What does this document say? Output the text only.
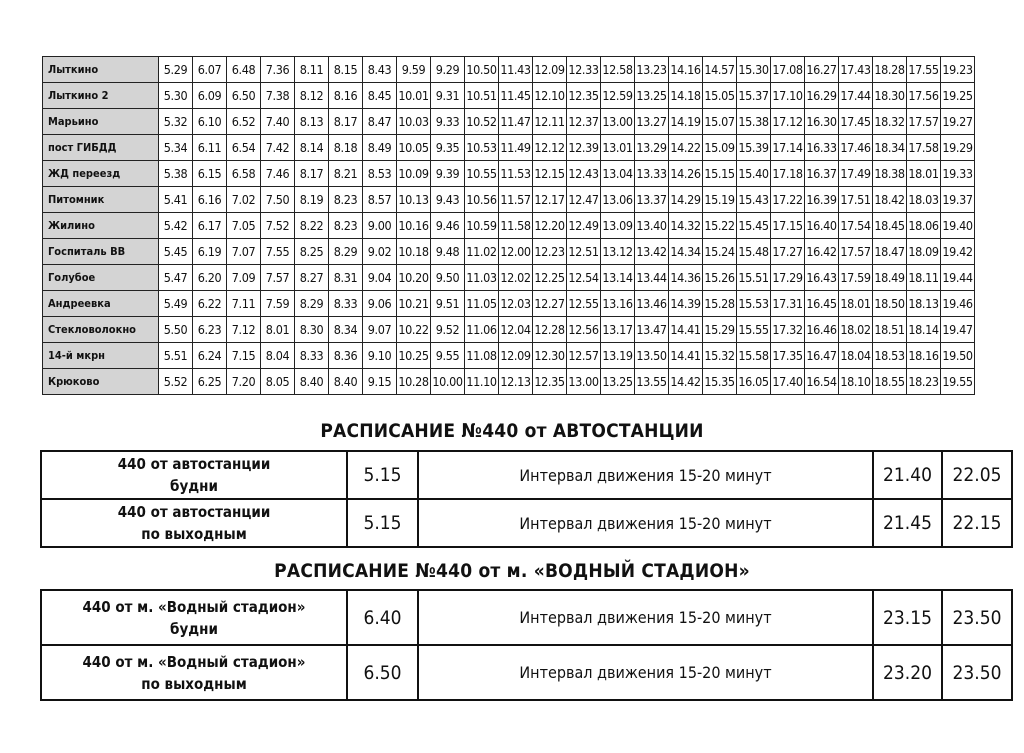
Лыткино	5.29	6.07	6.48	7.36	8.11	8.15	8.43	9.59	9.29	10.50	11.43	12.09	12.33	12.58	13.23	14.16	14.57	15.30	17.08	16.27	17.43	18.28	17.55	19.23
Лыткино 2	5.30	6.09	6.50	7.38	8.12	8.16	8.45	10.01	9.31	10.51	11.45	12.10	12.35	12.59	13.25	14.18	15.05	15.37	17.10	16.29	17.44	18.30	17.56	19.25
Марьино	5.32	6.10	6.52	7.40	8.13	8.17	8.47	10.03	9.33	10.52	11.47	12.11	12.37	13.00	13.27	14.19	15.07	15.38	17.12	16.30	17.45	18.32	17.57	19.27
пост ГИБДД	5.34	6.11	6.54	7.42	8.14	8.18	8.49	10.05	9.35	10.53	11.49	12.12	12.39	13.01	13.29	14.22	15.09	15.39	17.14	16.33	17.46	18.34	17.58	19.29
ЖД переезд	5.38	6.15	6.58	7.46	8.17	8.21	8.53	10.09	9.39	10.55	11.53	12.15	12.43	13.04	13.33	14.26	15.15	15.40	17.18	16.37	17.49	18.38	18.01	19.33
Питомник	5.41	6.16	7.02	7.50	8.19	8.23	8.57	10.13	9.43	10.56	11.57	12.17	12.47	13.06	13.37	14.29	15.19	15.43	17.22	16.39	17.51	18.42	18.03	19.37
Жилино	5.42	6.17	7.05	7.52	8.22	8.23	9.00	10.16	9.46	10.59	11.58	12.20	12.49	13.09	13.40	14.32	15.22	15.45	17.15	16.40	17.54	18.45	18.06	19.40
Госпиталь ВВ	5.45	6.19	7.07	7.55	8.25	8.29	9.02	10.18	9.48	11.02	12.00	12.23	12.51	13.12	13.42	14.34	15.24	15.48	17.27	16.42	17.57	18.47	18.09	19.42
Голубое	5.47	6.20	7.09	7.57	8.27	8.31	9.04	10.20	9.50	11.03	12.02	12.25	12.54	13.14	13.44	14.36	15.26	15.51	17.29	16.43	17.59	18.49	18.11	19.44
Андреевка	5.49	6.22	7.11	7.59	8.29	8.33	9.06	10.21	9.51	11.05	12.03	12.27	12.55	13.16	13.46	14.39	15.28	15.53	17.31	16.45	18.01	18.50	18.13	19.46
Стекловолокно	5.50	6.23	7.12	8.01	8.30	8.34	9.07	10.22	9.52	11.06	12.04	12.28	12.56	13.17	13.47	14.41	15.29	15.55	17.32	16.46	18.02	18.51	18.14	19.47
14-й мкрн	5.51	6.24	7.15	8.04	8.33	8.36	9.10	10.25	9.55	11.08	12.09	12.30	12.57	13.19	13.50	14.41	15.32	15.58	17.35	16.47	18.04	18.53	18.16	19.50
Крюково	5.52	6.25	7.20	8.05	8.40	8.40	9.15	10.28	10.00	11.10	12.13	12.35	13.00	13.25	13.55	14.42	15.35	16.05	17.40	16.54	18.10	18.55	18.23	19.55
РАСПИСАНИЕ №440 от АВТОСТАНЦИИ
440 от автостанции
будни	5.15	Интервал движения 15-20 минут	21.40	22.05
440 от автостанции
по выходным	5.15	Интервал движения 15-20 минут	21.45	22.15
РАСПИСАНИЕ №440 от м. «ВОДНЫЙ СТАДИОН»
440 от м. «Водный стадион»
будни	6.40	Интервал движения 15-20 минут	23.15	23.50
440 от м. «Водный стадион»
по выходным	6.50	Интервал движения 15-20 минут	23.20	23.50
